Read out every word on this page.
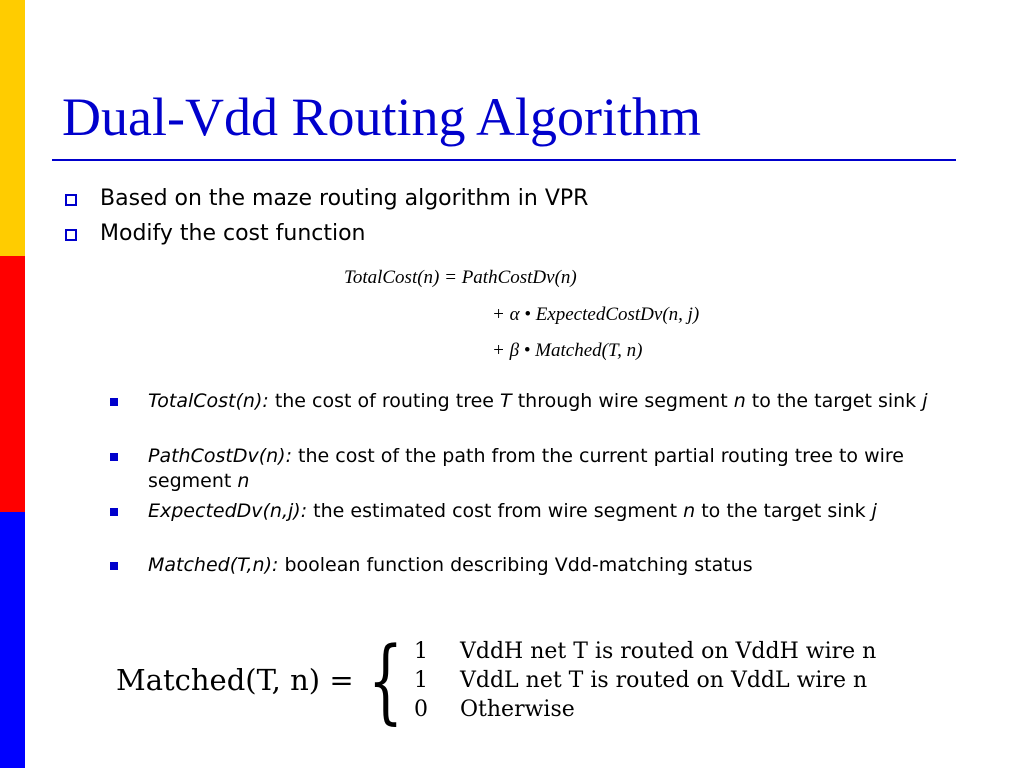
Dual-Vdd Routing Algorithm
Based on the maze routing algorithm in VPR
Modify the cost function
TotalCost(n) = PathCostDv(n)
+ α • ExpectedCostDv(n, j)
+ β • Matched(T, n)
TotalCost(n): the cost of routing tree T through wire segment n to the target sink j
PathCostDv(n): the cost of the path from the current partial routing tree to wire segment n
ExpectedDv(n,j): the estimated cost from wire segment n to the target sink j
Matched(T,n): boolean function describing Vdd-matching status
Matched(T, n) = { 1 VddH net T is routed on VddH wire n
1 VddL net T is routed on VddL wire n
0 Otherwise
